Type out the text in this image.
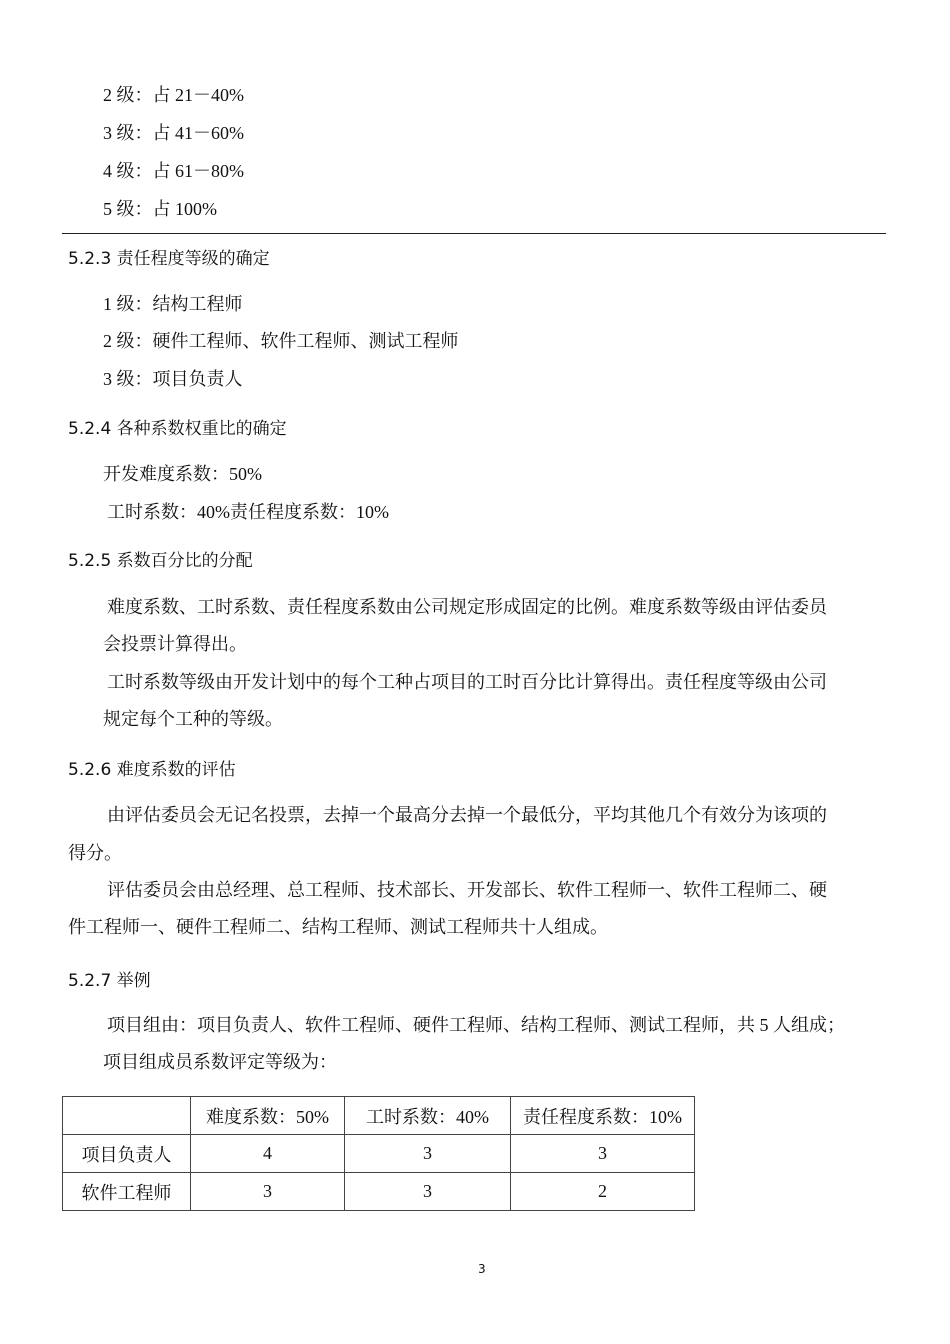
2 级：占 21－40%
3 级：占 41－60%
4 级：占 61－80%
5 级：占 100%
5.2.3 责任程度等级的确定
1 级：结构工程师
2 级：硬件工程师、软件工程师、测试工程师
3 级：项目负责人
5.2.4 各种系数权重比的确定
开发难度系数：50%
工时系数：40%责任程度系数：10%
5.2.5 系数百分比的分配
难度系数、工时系数、责任程度系数由公司规定形成固定的比例。难度系数等级由评估委员
会投票计算得出。
工时系数等级由开发计划中的每个工种占项目的工时百分比计算得出。责任程度等级由公司
规定每个工种的等级。
5.2.6 难度系数的评估
由评估委员会无记名投票，去掉一个最高分去掉一个最低分，平均其他几个有效分为该项的
得分。
评估委员会由总经理、总工程师、技术部长、开发部长、软件工程师一、软件工程师二、硬
件工程师一、硬件工程师二、结构工程师、测试工程师共十人组成。
5.2.7 举例
项目组由：项目负责人、软件工程师、硬件工程师、结构工程师、测试工程师，共 5 人组成；
项目组成员系数评定等级为：
	难度系数：50%	工时系数：40%	责任程度系数：10%
项目负责人	4	3	3
软件工程师	3	3	2
3
